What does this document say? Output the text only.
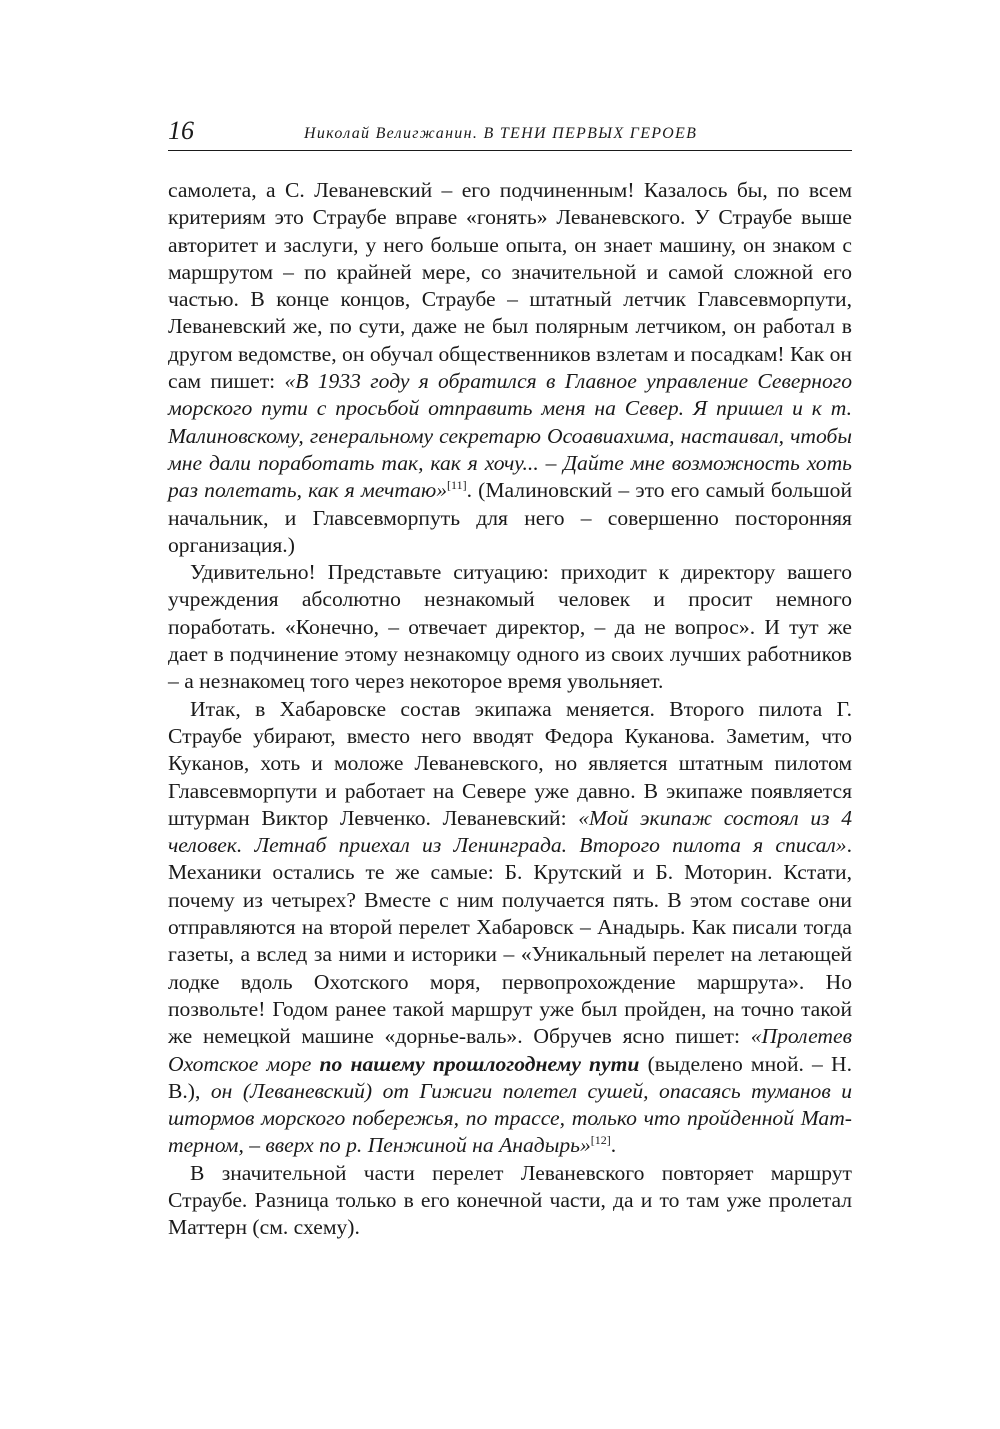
16	Николай Велигжанин. В ТЕНИ ПЕРВЫХ ГЕРОЕВ

самолета, а С. Леваневский – его подчиненным! Казалось бы, по всем критериям это Страубе вправе «гонять» Леваневского. У Страубе выше авторитет и заслуги, у него больше опыта, он знает машину, он знаком с маршрутом – по крайней мере, со значительной и самой сложной его частью. В конце концов, Страубе – штатный летчик Главсевморпути, Леваневский же, по сути, даже не был полярным летчиком, он работал в другом ведомстве, он обучал общественников взлетам и посадкам! Как он сам пишет: «В 1933 году я обратился в Главное управление Северного морского пути с просьбой отправить меня на Север. Я пришел и к т. Малиновскому, генеральному секретарю Осоавиахима, настаивал, чтобы мне дали поработать так, как я хочу... – Дайте мне возможность хоть раз полетать, как я мечтаю»[11]. (Малиновский – это его самый большой начальник, и Главсевморпуть для него – совершенно посторонняя организация.)

Удивительно! Представьте ситуацию: приходит к директору вашего учреждения абсолютно незнакомый человек и просит немного поработать. «Конечно, – отвечает директор, – да не вопрос». И тут же дает в подчинение этому незнакомцу одного из своих лучших работников – а незнакомец того через некоторое время увольняет.

Итак, в Хабаровске состав экипажа меняется. Второго пилота Г. Страубе убирают, вместо него вводят Федора Куканова. Заметим, что Куканов, хоть и моложе Леваневского, но является штатным пилотом Главсевморпути и работает на Севере уже давно. В экипаже появляется штурман Виктор Левченко. Леваневский: «Мой экипаж состоял из 4 человек. Летнаб приехал из Ленинграда. Второго пилота я списал». Механики остались те же самые: Б. Крутский и Б. Моторин. Кстати, почему из четырех? Вместе с ним получается пять. В этом составе они отправляются на второй перелет Хабаровск – Анадырь. Как писали тогда газеты, а вслед за ними и историки – «Уникальный перелет на летающей лодке вдоль Охотского моря, первопрохождение маршрута». Но позвольте! Годом ранее такой маршрут уже был пройден, на точно такой же немецкой машине «дорнье-валь». Обручев ясно пишет: «Пролетев Охотское море по нашему прошлогоднему пути (выделено мной. – Н. В.), он (Леваневский) от Гижиги полетел сушей, опасаясь туманов и штормов морского побережья, по трассе, только что пройденной Маттерном, – вверх по р. Пенжиной на Анадырь»[12].

В значительной части перелет Леваневского повторяет маршрут Страубе. Разница только в его конечной части, да и то там уже пролетал Маттерн (см. схему).
